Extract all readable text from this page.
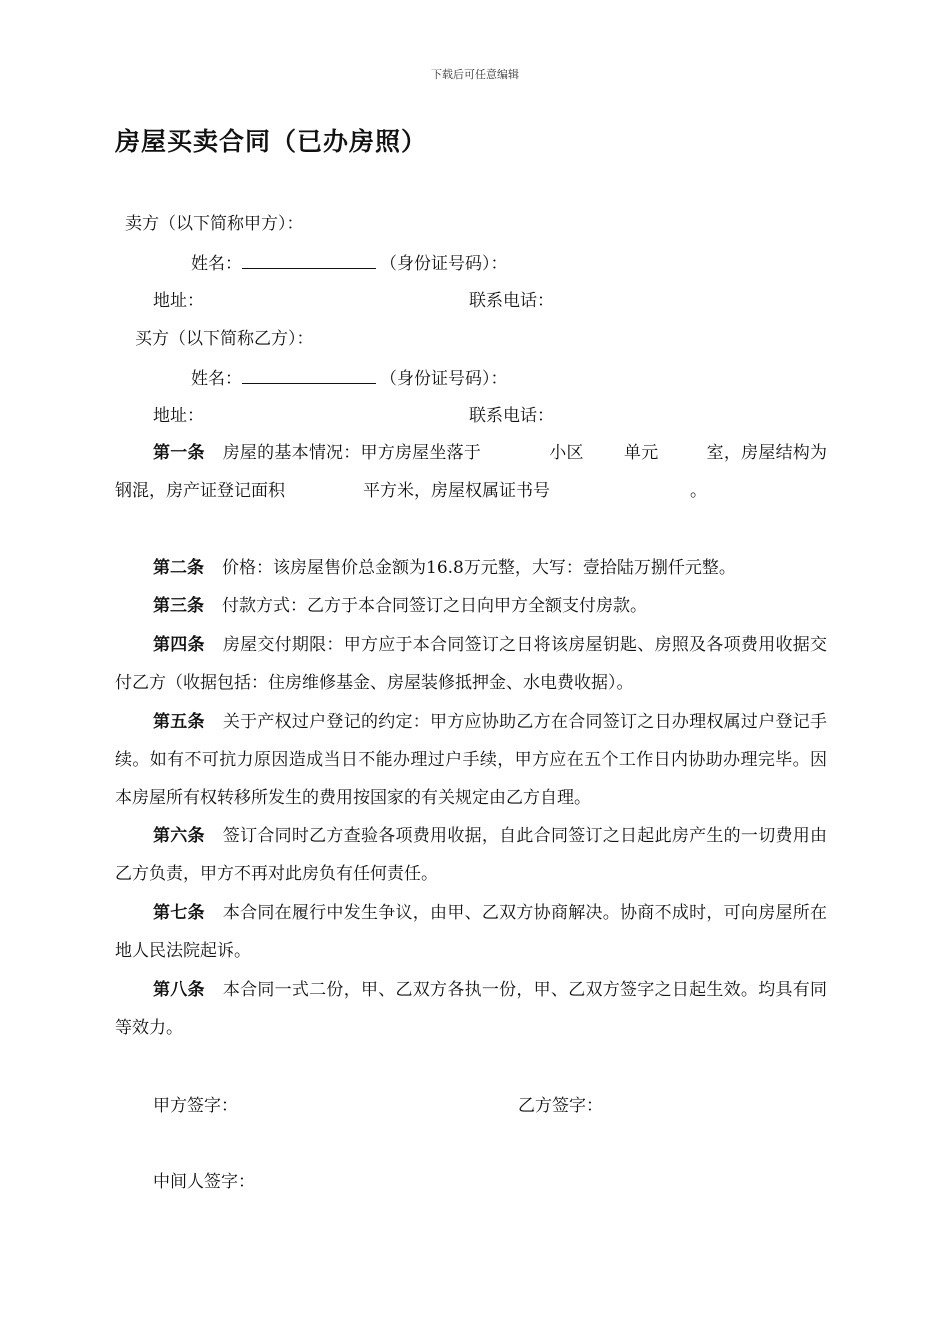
下载后可任意编辑
房屋买卖合同（已办房照）
卖方（以下简称甲方）：
姓名：	（身份证号码）：
地址：	联系电话：
买方（以下简称乙方）：
姓名：	（身份证号码）：
地址：	联系电话：
第一条 房屋的基本情况：甲方房屋坐落于	小区 单元	室，房屋结构为钢混，房产证登记面积	平方米，房屋权属证书号	。
第二条 价格：该房屋售价总金额为16.8万元整，大写：壹拾陆万捌仟元整。
第三条 付款方式：乙方于本合同签订之日向甲方全额支付房款。
第四条 房屋交付期限：甲方应于本合同签订之日将该房屋钥匙、房照及各项费用收据交付乙方（收据包括：住房维修基金、房屋装修抵押金、水电费收据）。
第五条 关于产权过户登记的约定：甲方应协助乙方在合同签订之日办理权属过户登记手续。如有不可抗力原因造成当日不能办理过户手续，甲方应在五个工作日内协助办理完毕。因本房屋所有权转移所发生的费用按国家的有关规定由乙方自理。
第六条 签订合同时乙方查验各项费用收据，自此合同签订之日起此房产生的一切费用由乙方负责，甲方不再对此房负有任何责任。
第七条 本合同在履行中发生争议，由甲、乙双方协商解决。协商不成时，可向房屋所在地人民法院起诉。
第八条 本合同一式二份，甲、乙双方各执一份，甲、乙双方签字之日起生效。均具有同等效力。
甲方签字：	乙方签字：
中间人签字：
